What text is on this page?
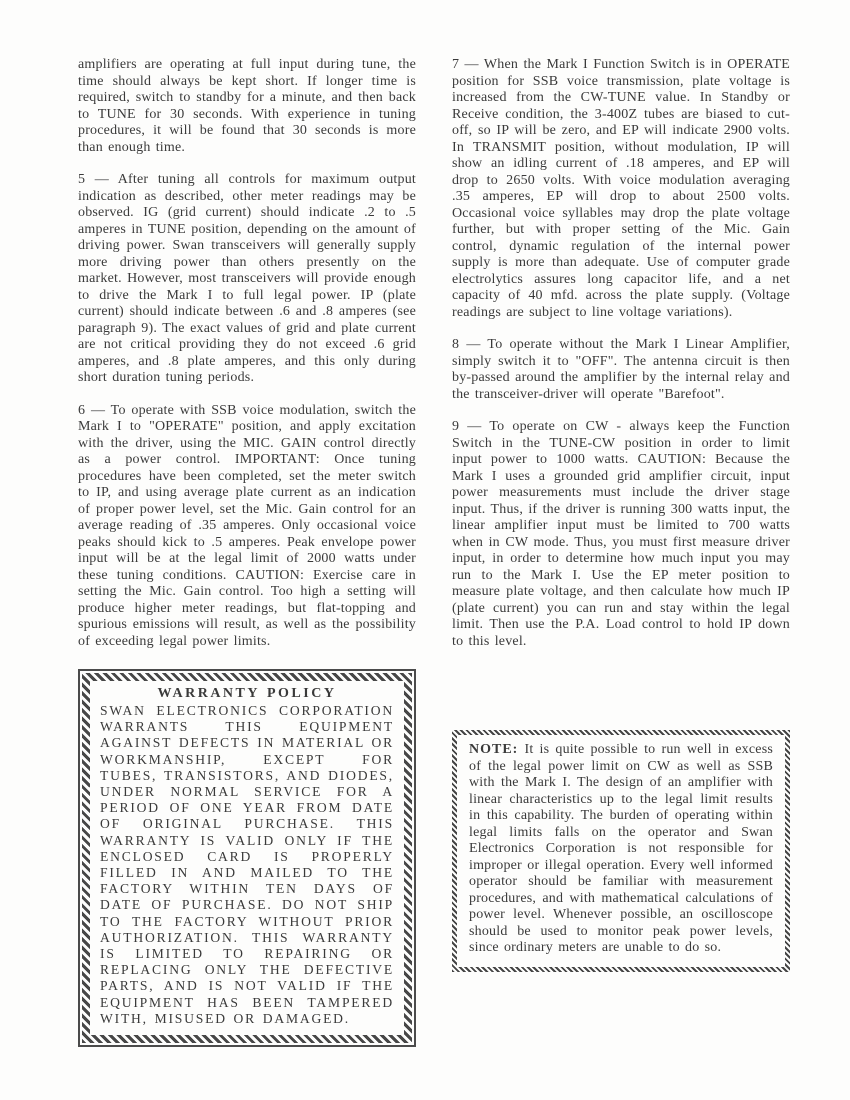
amplifiers are operating at full input during tune, the time should always be kept short. If longer time is required, switch to standby for a minute, and then back to TUNE for 30 seconds. With experience in tuning procedures, it will be found that 30 seconds is more than enough time.

5 — After tuning all controls for maximum output indication as described, other meter readings may be observed. IG (grid current) should indicate .2 to .5 amperes in TUNE position, depending on the amount of driving power. Swan transceivers will generally supply more driving power than others presently on the market. However, most transceivers will provide enough to drive the Mark I to full legal power. IP (plate current) should indicate between .6 and .8 amperes (see paragraph 9). The exact values of grid and plate current are not critical providing they do not exceed .6 grid amperes, and .8 plate amperes, and this only during short duration tuning periods.

6 — To operate with SSB voice modulation, switch the Mark I to "OPERATE" position, and apply excitation with the driver, using the MIC. GAIN control directly as a power control. IMPORTANT: Once tuning procedures have been completed, set the meter switch to IP, and using average plate current as an indication of proper power level, set the Mic. Gain control for an average reading of .35 amperes. Only occasional voice peaks should kick to .5 amperes. Peak envelope power input will be at the legal limit of 2000 watts under these tuning conditions. CAUTION: Exercise care in setting the Mic. Gain control. Too high a setting will produce higher meter readings, but flat-topping and spurious emissions will result, as well as the possibility of exceeding legal power limits.

WARRANTY POLICY
SWAN ELECTRONICS CORPORATION WARRANTS THIS EQUIPMENT AGAINST DEFECTS IN MATERIAL OR WORKMANSHIP, EXCEPT FOR TUBES, TRANSISTORS, AND DIODES, UNDER NORMAL SERVICE FOR A PERIOD OF ONE YEAR FROM DATE OF ORIGINAL PURCHASE. THIS WARRANTY IS VALID ONLY IF THE ENCLOSED CARD IS PROPERLY FILLED IN AND MAILED TO THE FACTORY WITHIN TEN DAYS OF DATE OF PURCHASE. DO NOT SHIP TO THE FACTORY WITHOUT PRIOR AUTHORIZATION. THIS WARRANTY IS LIMITED TO REPAIRING OR REPLACING ONLY THE DEFECTIVE PARTS, AND IS NOT VALID IF THE EQUIPMENT HAS BEEN TAMPERED WITH, MISUSED OR DAMAGED.

7 — When the Mark I Function Switch is in OPERATE position for SSB voice transmission, plate voltage is increased from the CW-TUNE value. In Standby or Receive condition, the 3-400Z tubes are biased to cut-off, so IP will be zero, and EP will indicate 2900 volts. In TRANSMIT position, without modulation, IP will show an idling current of .18 amperes, and EP will drop to 2650 volts. With voice modulation averaging .35 amperes, EP will drop to about 2500 volts. Occasional voice syllables may drop the plate voltage further, but with proper setting of the Mic. Gain control, dynamic regulation of the internal power supply is more than adequate. Use of computer grade electrolytics assures long capacitor life, and a net capacity of 40 mfd. across the plate supply. (Voltage readings are subject to line voltage variations).

8 — To operate without the Mark I Linear Amplifier, simply switch it to "OFF". The antenna circuit is then by-passed around the amplifier by the internal relay and the transceiver-driver will operate "Barefoot".

9 — To operate on CW - always keep the Function Switch in the TUNE-CW position in order to limit input power to 1000 watts. CAUTION: Because the Mark I uses a grounded grid amplifier circuit, input power measurements must include the driver stage input. Thus, if the driver is running 300 watts input, the linear amplifier input must be limited to 700 watts when in CW mode. Thus, you must first measure driver input, in order to determine how much input you may run to the Mark I. Use the EP meter position to measure plate voltage, and then calculate how much IP (plate current) you can run and stay within the legal limit. Then use the P.A. Load control to hold IP down to this level.

NOTE: It is quite possible to run well in excess of the legal power limit on CW as well as SSB with the Mark I. The design of an amplifier with linear characteristics up to the legal limit results in this capability. The burden of operating within legal limits falls on the operator and Swan Electronics Corporation is not responsible for improper or illegal operation. Every well informed operator should be familiar with measurement procedures, and with mathematical calculations of power level. Whenever possible, an oscilloscope should be used to monitor peak power levels, since ordinary meters are unable to do so.
